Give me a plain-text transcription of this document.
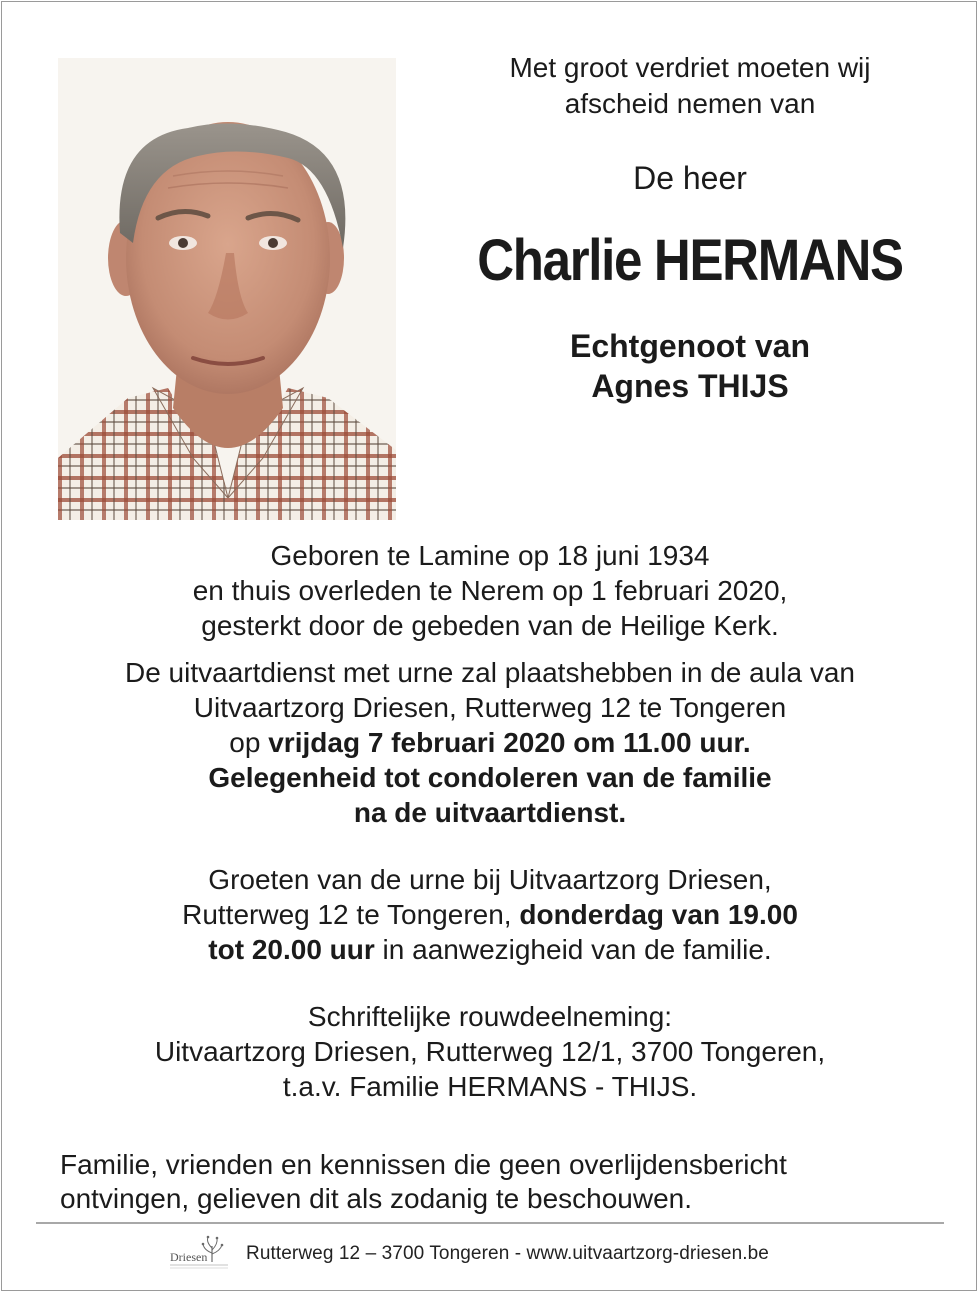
Met groot verdriet moeten wij
afscheid nemen van

De heer
Charlie HERMANS
Echtgenoot van
Agnes THIJS

Geboren te Lamine op 18 juni 1934
en thuis overleden te Nerem op 1 februari 2020,
gesterkt door de gebeden van de Heilige Kerk.

De uitvaartdienst met urne zal plaatshebben in de aula van
Uitvaartzorg Driesen, Rutterweg 12 te Tongeren
op vrijdag 7 februari 2020 om 11.00 uur.
Gelegenheid tot condoleren van de familie
na de uitvaartdienst.

Groeten van de urne bij Uitvaartzorg Driesen,
Rutterweg 12 te Tongeren, donderdag van 19.00
tot 20.00 uur in aanwezigheid van de familie.

Schriftelijke rouwdeelneming:
Uitvaartzorg Driesen, Rutterweg 12/1, 3700 Tongeren,
t.a.v. Familie HERMANS - THIJS.

Familie, vrienden en kennissen die geen overlijdensbericht
ontvingen, gelieven dit als zodanig te beschouwen.
Driesen Rutterweg 12 – 3700 Tongeren - www.uitvaartzorg-driesen.be
